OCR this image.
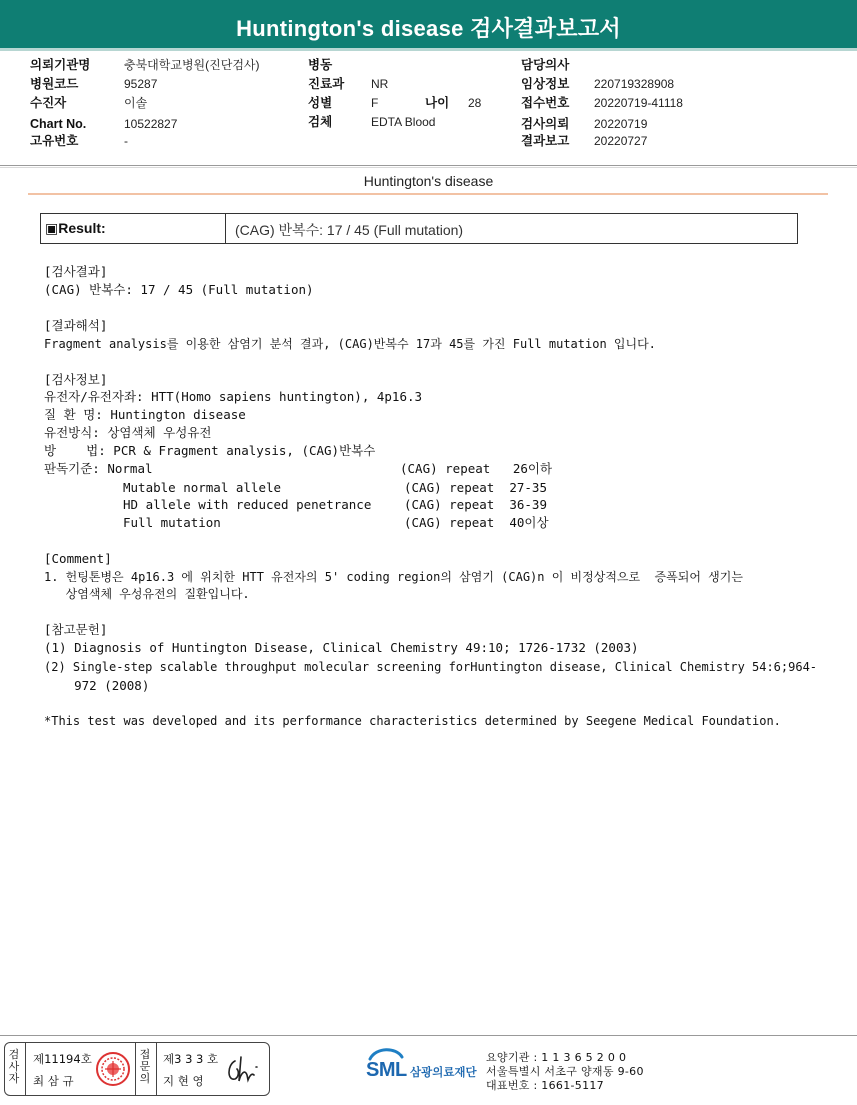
Huntington's disease 검사결과보고서
의뢰기관명	충북대학교병원(진단검사)
병원코드	95287
수진자	이솔
Chart No.	10522827
고유번호	-
병동
진료과 NR
성별	F	나이 28
검체	EDTA Blood
담당의사
임상정보 220719328908
접수번호 20220719-41118
검사의뢰 20220719
결과보고 20220727
Huntington's disease
▣Result:	(CAG) 반복수: 17 / 45 (Full mutation)
[검사결과]
(CAG) 반복수: 17 / 45 (Full mutation)
[결과해석]
Fragment analysis를 이용한 삼염기 분석 결과, (CAG)반복수 17과 45를 가진 Full mutation 입니다.
[검사정보]
유전자/유전자좌: HTT(Homo sapiens huntington), 4p16.3
질 환 명: Huntington disease
유전방식: 상염색체 우성유전
방    법: PCR & Fragment analysis, (CAG)반복수
판독기준: Normal	(CAG) repeat   26이하
Mutable normal allele	(CAG) repeat  27-35
HD allele with reduced penetrance	(CAG) repeat  36-39
Full mutation	(CAG) repeat  40이상
[Comment]
1. 헌팅톤병은 4p16.3 에 위치한 HTT 유전자의 5' coding region의 삼염기 (CAG)n 이 비정상적으로  증폭되어 생기는
상염색체 우성유전의 질환입니다.
[참고문헌]
(1) Diagnosis of Huntington Disease, Clinical Chemistry 49:10; 1726-1732 (2003)
(2) Single-step scalable throughput molecular screening forHuntington disease, Clinical Chemistry 54:6;964-
972 (2008)
*This test was developed and its performance characteristics determined by Seegene Medical Foundation.
검
사
자
제11194호
최 삼 규
접
문
의
제3 3 3 호
지 현 영	SML 삼광의료재단
요양기관 : 1 1 3 6 5 2 0 0
서울특별시 서초구 양재동 9-60
대표번호 : 1661-5117
